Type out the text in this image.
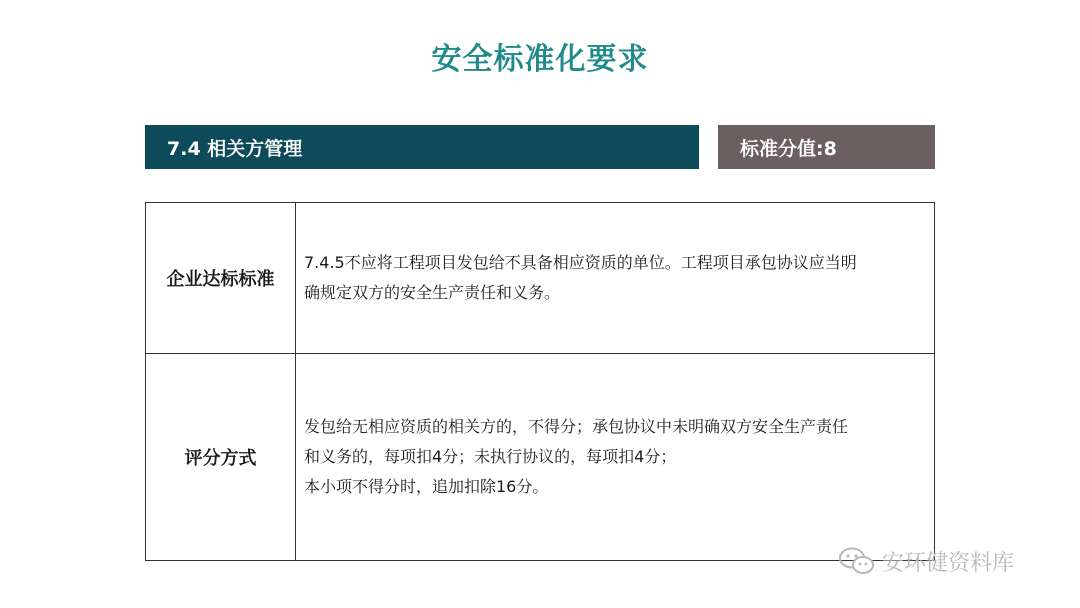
安全标准化要求
7.4 相关方管理	标准分值:8
企业达标标准	7.4.5不应将工程项目发包给不具备相应资质的单位。工程项目承包协议应当明

确规定双方的安全生产责任和义务。

评分方式	发包给无相应资质的相关方的，不得分；承包协议中未明确双方安全生产责任

和义务的，每项扣4分；未执行协议的，每项扣4分；

本小项不得分时，追加扣除16分。

安环健资料库
